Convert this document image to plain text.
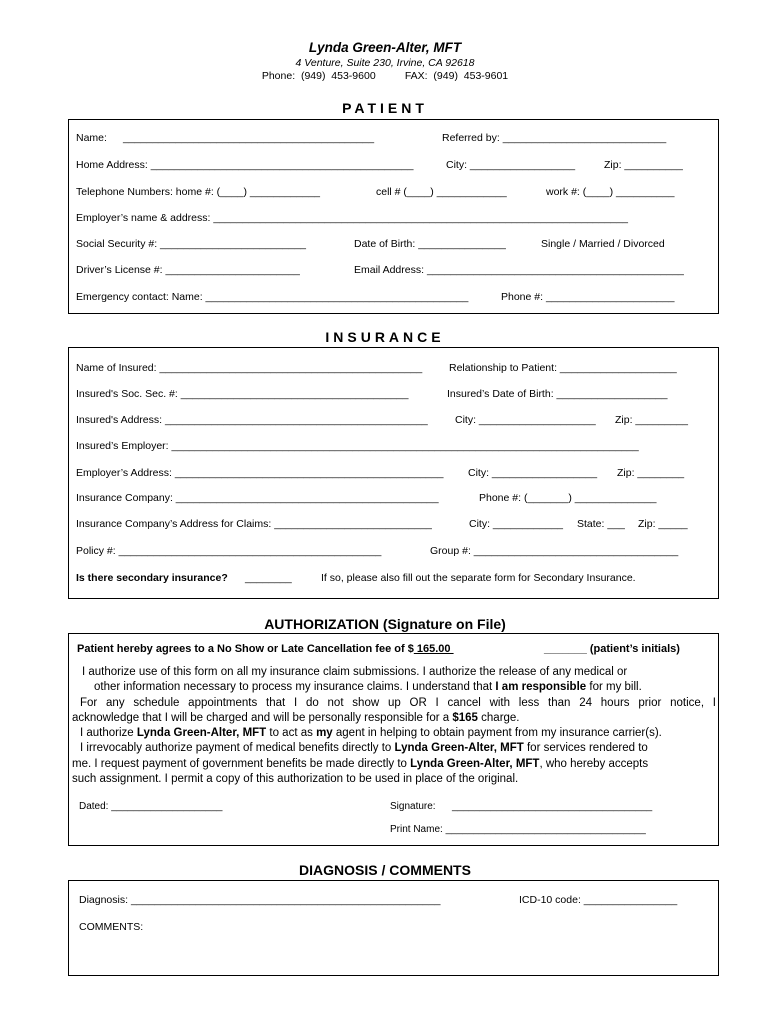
Lynda Green-Alter, MFT
4 Venture, Suite 230, Irvine, CA 92618
Phone:  (949)  453-9600          FAX:  (949)  453-9601
PATIENT
Name: ___________________________________________	Referred by: ____________________________
Home Address: _____________________________________________	City: __________________	Zip: __________
Telephone Numbers: home #: (____) ____________	cell # (____) ____________	work #: (____) __________
Employer’s name & address: _______________________________________________________________________
Social Security #: _________________________	Date of Birth: _______________	Single / Married / Divorced
Driver’s License #: _______________________	Email Address: ____________________________________________
Emergency contact: Name: _____________________________________________	Phone #: ______________________
INSURANCE
Name of Insured: _____________________________________________	Relationship to Patient: ____________________
Insured's Soc. Sec. #: _______________________________________	Insured’s Date of Birth: ___________________
Insured's Address: _____________________________________________	City: ____________________ Zip: _________
Insured’s Employer: ________________________________________________________________________________
Employer’s Address: ______________________________________________ City: __________________ Zip: ________
Insurance Company: _____________________________________________	Phone #: (_______) ______________
Insurance Company’s Address for Claims: ___________________________	City: ____________ State: ___ Zip: _____
Policy #: _____________________________________________	Group #: ___________________________________
Is there secondary insurance? ________	If so, please also fill out the separate form for Secondary Insurance.
AUTHORIZATION (Signature on File)
Patient hereby agrees to a No Show or Late Cancellation fee of $ 165.00	_______ (patient’s initials)
I authorize use of this form on all my insurance claim submissions. I authorize the release of any medical or
other information necessary to process my insurance claims. I understand that I am responsible for my bill.
For any schedule appointments that I do not show up OR I cancel with less than 24 hours prior notice, I
acknowledge that I will be charged and will be personally responsible for a $165 charge.
I authorize Lynda Green-Alter, MFT to act as my agent in helping to obtain payment from my insurance carrier(s).
I irrevocably authorize payment of medical benefits directly to Lynda Green-Alter, MFT for services rendered to
me. I request payment of government benefits be made directly to Lynda Green-Alter, MFT, who hereby accepts
such assignment. I permit a copy of this authorization to be used in place of the original.
Dated: ____________________	Signature: ____________________________________
Print Name: ____________________________________
DIAGNOSIS / COMMENTS
Diagnosis: _____________________________________________________	ICD-10 code: ________________
COMMENTS:
